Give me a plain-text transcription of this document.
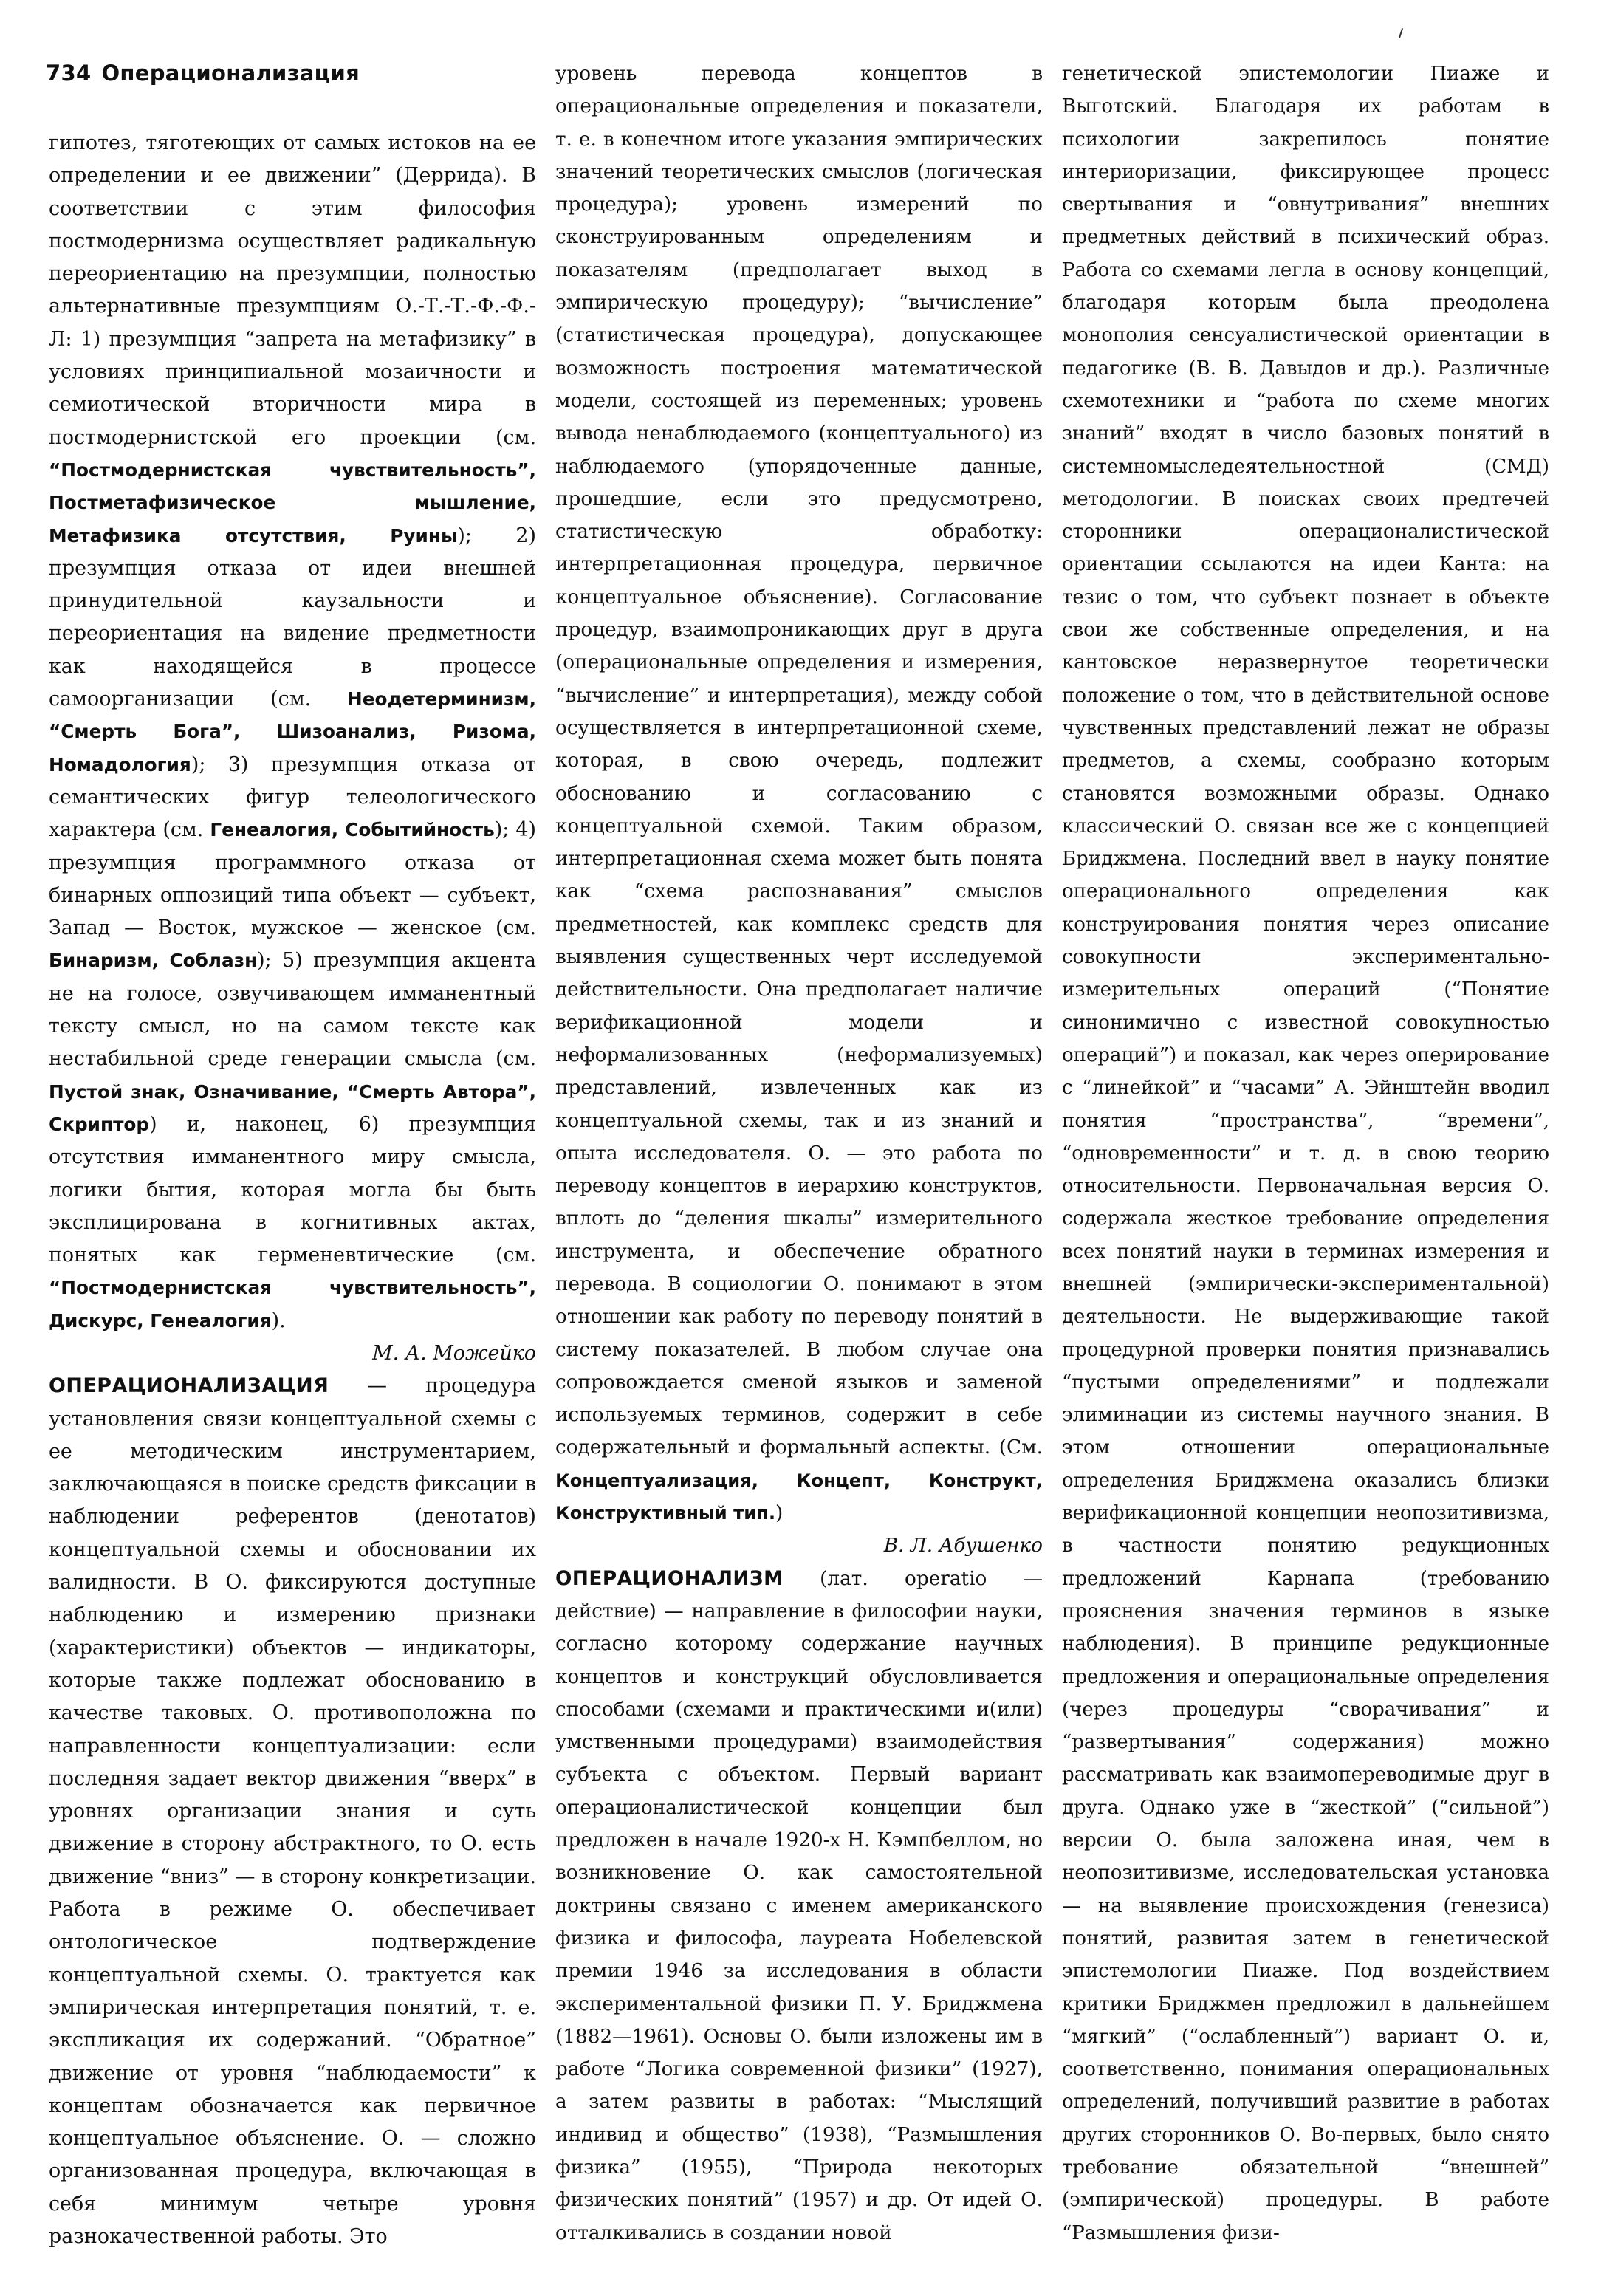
734 Операционализация

гипотез, тяготеющих от самых истоков на ее определении и ее движении” (Деррида). В соответствии с этим философия постмодернизма осуществляет радикальную переориентацию на презумпции, полностью альтернативные презумпциям О.-Т.-Т.-Ф.-Ф.-Л: 1) презумпция “запрета на метафизику” в условиях принципиальной мозаичности и семиотической вторичности мира в постмодернистской его проекции (см. “Постмодернистская чувствительность”, Постметафизическое мышление, Метафизика отсутствия, Руины); 2) презумпция отказа от идеи внешней принудительной каузальности и переориентация на видение предметности как находящейся в процессе самоорганизации (см. Неодетерминизм, “Смерть Бога”, Шизоанализ, Ризома, Номадология); 3) презумпция отказа от семантических фигур телеологического характера (см. Генеалогия, Событийность); 4) презумпция программного отказа от бинарных оппозиций типа объект — субъект, Запад — Восток, мужское — женское (см. Бинаризм, Соблазн); 5) презумпция акцента не на голосе, озвучивающем имманентный тексту смысл, но на самом тексте как нестабильной среде генерации смысла (см. Пустой знак, Означивание, “Смерть Автора”, Скриптор) и, наконец, 6) презумпция отсутствия имманентного миру смысла, логики бытия, которая могла бы быть эксплицирована в когнитивных актах, понятых как герменевтические (см. “Постмодернистская чувствительность”, Дискурс, Генеалогия).

М. А. Можейко

ОПЕРАЦИОНАЛИЗАЦИЯ — процедура установления связи концептуальной схемы с ее методическим инструментарием, заключающаяся в поиске средств фиксации в наблюдении референтов (денотатов) концептуальной схемы и обосновании их валидности. В О. фиксируются доступные наблюдению и измерению признаки (характеристики) объектов — индикаторы, которые также подлежат обоснованию в качестве таковых. О. противоположна по направленности концептуализации: если последняя задает вектор движения “вверх” в уровнях организации знания и суть движение в сторону абстрактного, то О. есть движение “вниз” — в сторону конкретизации. Работа в режиме О. обеспечивает онтологическое подтверждение концептуальной схемы. О. трактуется как эмпирическая интерпретация понятий, т. е. экспликация их содержаний. “Обратное” движение от уровня “наблюдаемости” к концептам обозначается как первичное концептуальное объяснение. О. — сложно организованная процедура, включающая в себя минимум четыре уровня разнокачественной работы. Это

уровень перевода концептов в операциональные определения и показатели, т. е. в конечном итоге указания эмпирических значений теоретических смыслов (логическая процедура); уровень измерений по сконструированным определениям и показателям (предполагает выход в эмпирическую процедуру); “вычисление” (статистическая процедура), допускающее возможность построения математической модели, состоящей из переменных; уровень вывода ненаблюдаемого (концептуального) из наблюдаемого (упорядоченные данные, прошедшие, если это предусмотрено, статистическую обработку: интерпретационная процедура, первичное концептуальное объяснение). Согласование процедур, взаимопроникающих друг в друга (операциональные определения и измерения, “вычисление” и интерпретация), между собой осуществляется в интерпретационной схеме, которая, в свою очередь, подлежит обоснованию и согласованию с концептуальной схемой. Таким образом, интерпретационная схема может быть понята как “схема распознавания” смыслов предметностей, как комплекс средств для выявления существенных черт исследуемой действительности. Она предполагает наличие верификационной модели и неформализованных (неформализуемых) представлений, извлеченных как из концептуальной схемы, так и из знаний и опыта исследователя. О. — это работа по переводу концептов в иерархию конструктов, вплоть до “деления шкалы” измерительного инструмента, и обеспечение обратного перевода. В социологии О. понимают в этом отношении как работу по переводу понятий в систему показателей. В любом случае она сопровождается сменой языков и заменой используемых терминов, содержит в себе содержательный и формальный аспекты. (См. Концептуализация, Концепт, Конструкт, Конструктивный тип.)

В. Л. Абушенко

ОПЕРАЦИОНАЛИЗМ (лат. operatio — действие) — направление в философии науки, согласно которому содержание научных концептов и конструкций обусловливается способами (схемами и практическими и(или) умственными процедурами) взаимодействия субъекта с объектом. Первый вариант операционалистической концепции был предложен в начале 1920-х Н. Кэмпбеллом, но возникновение О. как самостоятельной доктрины связано с именем американского физика и философа, лауреата Нобелевской премии 1946 за исследования в области экспериментальной физики П. У. Бриджмена (1882—1961). Основы О. были изложены им в работе “Логика современной физики” (1927), а затем развиты в работах: “Мыслящий индивид и общество” (1938), “Размышления физика” (1955), “Природа некоторых физических понятий” (1957) и др. От идей О. отталкивались в создании новой

генетической эпистемологии Пиаже и Выготский. Благодаря их работам в психологии закрепилось понятие интериоризации, фиксирующее процесс свертывания и “овнутривания” внешних предметных действий в психический образ. Работа со схемами легла в основу концепций, благодаря которым была преодолена монополия сенсуалистической ориентации в педагогике (В. В. Давыдов и др.). Различные схемотехники и “работа по схеме многих знаний” входят в число базовых понятий в системномыследеятельностной (СМД) методологии. В поисках своих предтечей сторонники операционалистической ориентации ссылаются на идеи Канта: на тезис о том, что субъект познает в объекте свои же собственные определения, и на кантовское неразвернутое теоретически положение о том, что в действительной основе чувственных представлений лежат не образы предметов, а схемы, сообразно которым становятся возможными образы. Однако классический О. связан все же с концепцией Бриджмена. Последний ввел в науку понятие операционального определения как конструирования понятия через описание совокупности экспериментально-измерительных операций (“Понятие синонимично с известной совокупностью операций”) и показал, как через оперирование с “линейкой” и “часами” А. Эйнштейн вводил понятия “пространства”, “времени”, “одновременности” и т. д. в свою теорию относительности. Первоначальная версия О. содержала жесткое требование определения всех понятий науки в терминах измерения и внешней (эмпирически-экспериментальной) деятельности. Не выдерживающие такой процедурной проверки понятия признавались “пустыми определениями” и подлежали элиминации из системы научного знания. В этом отношении операциональные определения Бриджмена оказались близки верификационной концепции неопозитивизма, в частности понятию редукционных предложений Карнапа (требованию прояснения значения терминов в языке наблюдения). В принципе редукционные предложения и операциональные определения (через процедуры “сворачивания” и “развертывания” содержания) можно рассматривать как взаимопереводимые друг в друга. Однако уже в “жесткой” (“сильной”) версии О. была заложена иная, чем в неопозитивизме, исследовательская установка — на выявление происхождения (генезиса) понятий, развитая затем в генетической эпистемологии Пиаже. Под воздействием критики Бриджмен предложил в дальнейшем “мягкий” (“ослабленный”) вариант О. и, соответственно, понимания операциональных определений, получивший развитие в работах других сторонников О. Во-первых, было снято требование обязательной “внешней” (эмпирической) процедуры. В работе “Размышления физи-
